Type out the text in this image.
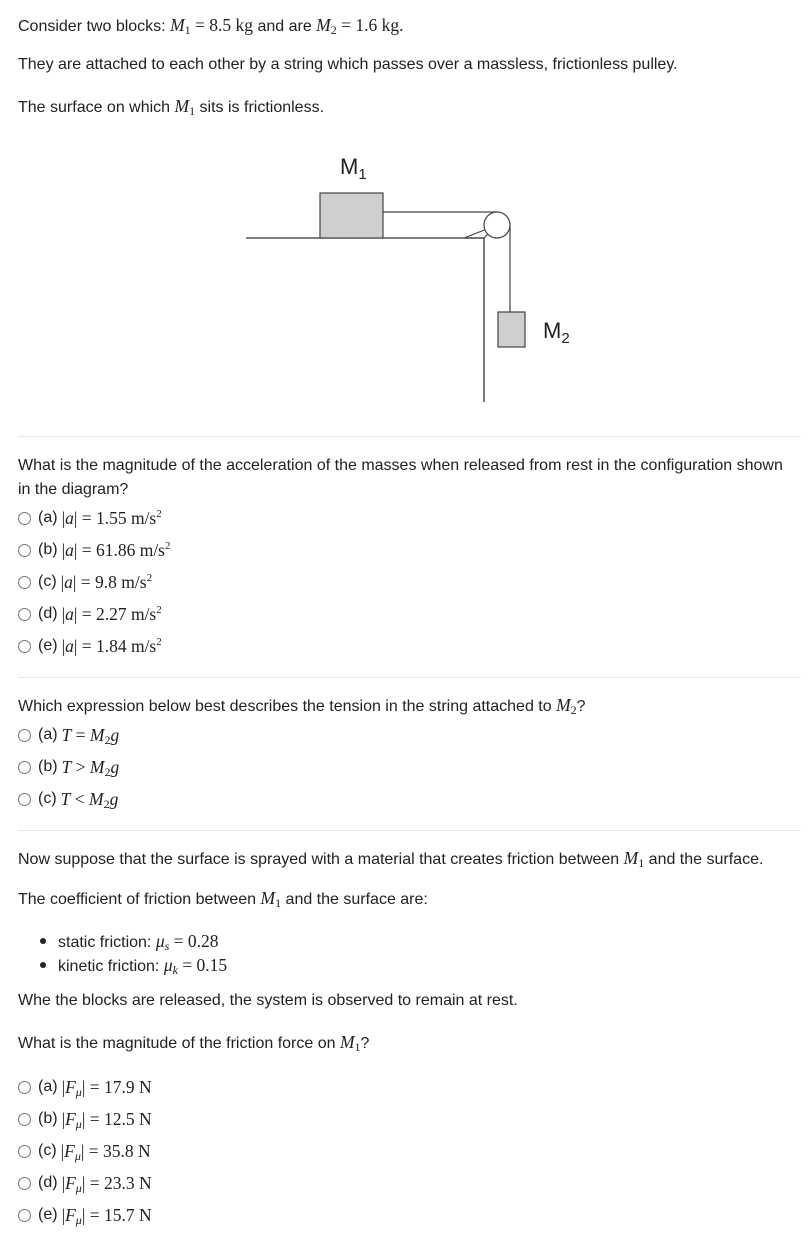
Consider two blocks: $M_1 = 8.5$ kg and are $M_2 = 1.6$ kg.
They are attached to each other by a string which passes over a massless, frictionless pulley.
The surface on which $M_1$ sits is frictionless.
$M_1$
$M_2$
What is the magnitude of the acceleration of the masses when released from rest in the configuration shown in the diagram?
(a) |a| = 1.55 $m/s^2$
(b) |a| = 61.86 $m/s^2$
(c) |a| = 9.8 $m/s^2$
(d) |a| = 2.27 $m/s^2$
(e) |a| = 1.84 $m/s^2$
Which expression below best describes the tension in the string attached to $M_2$?
(a) $T = M_2g$
(b) $T > M_2g$
(c) $T < M_2g$
Now suppose that the surface is sprayed with a material that creates friction between $M_1$ and the surface.
The coefficient of friction between $M_1$ and the surface are:
static friction: $\mu_s = 0.28$
kinetic friction: $\mu_k = 0.15$
Whe the blocks are released, the system is observed to remain at rest.
What is the magnitude of the friction force on $M_1$?
(a) $|F_\mu| = 17.9$ N
(b) $|F_\mu| = 12.5$ N
(c) $|F_\mu| = 35.8$ N
(d) $|F_\mu| = 23.3$ N
(e) $|F_\mu| = 15.7$ N
